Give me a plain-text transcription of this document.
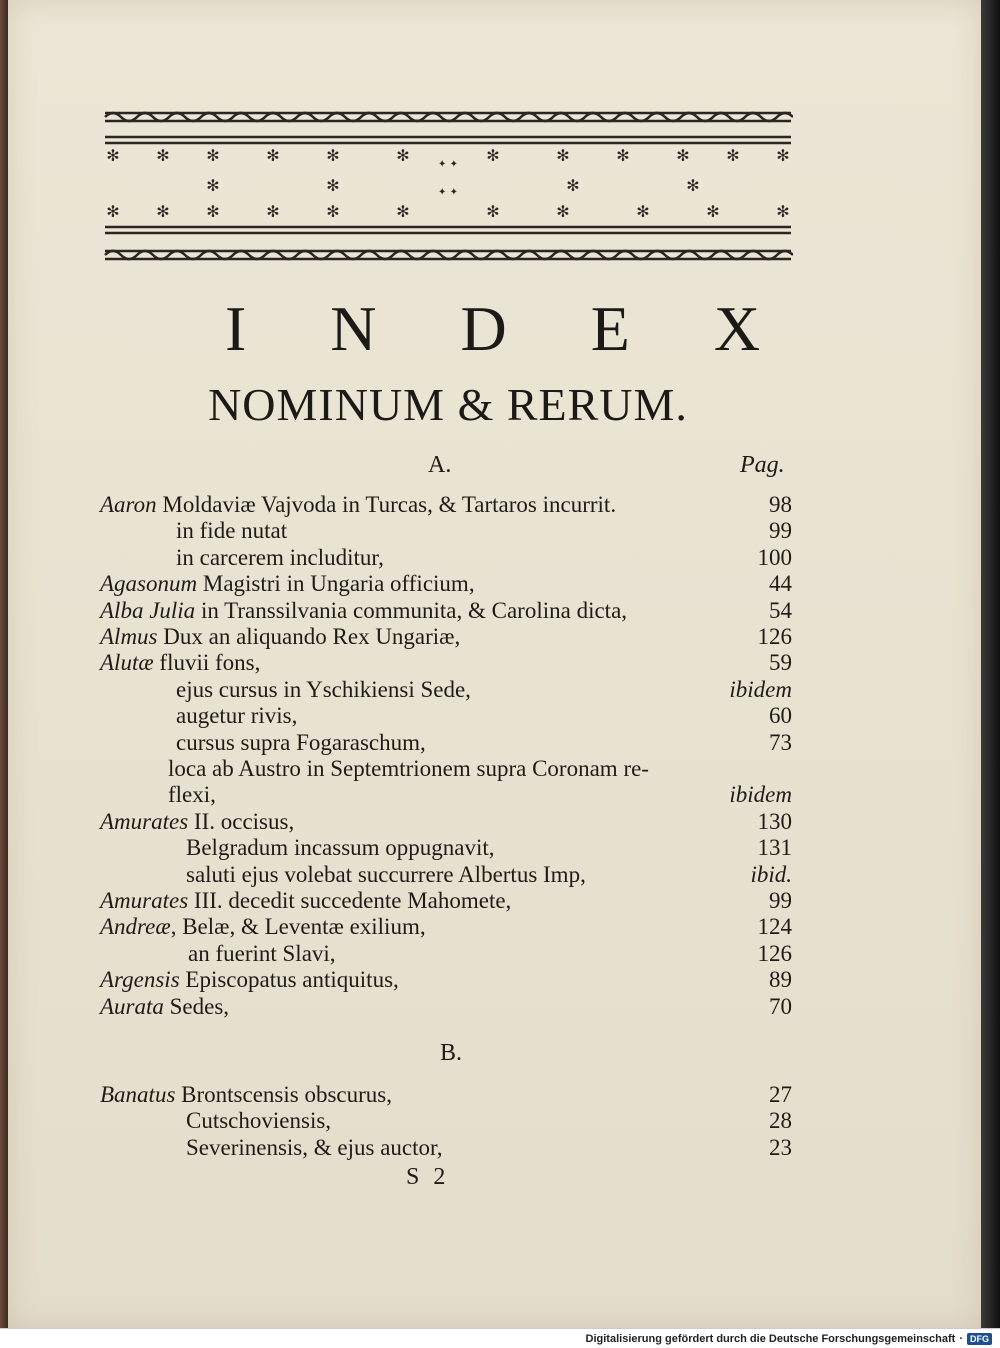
✻ ✻ ✻	✻	✻	✻	✻	✻	✻	✻ ✻ ✻
✻ ✻ ✻	✻	✻	✻	✻	✻	✻	✻	✻
✻	✻	✻	✻
✦ ✦
✦ ✦
I N D E X
NOMINUM & RERUM.
A.	Pag.
Aaron Moldaviæ Vajvoda in Turcas, & Tartaros incurrit.	98
in fide nutat	99
in carcerem includitur,	100
Agasonum Magistri in Ungaria officium,	44
Alba Julia in Transsilvania communita, & Carolina dicta,	54
Almus Dux an aliquando Rex Ungariæ,	126
Alutæ fluvii fons,	59
ejus cursus in Yschikiensi Sede,	ibidem
augetur rivis,	60
cursus supra Fogaraschum,	73
loca ab Austro in Septemtrionem supra Coronam re-
flexi,	ibidem
Amurates II. occisus,	130
Belgradum incassum oppugnavit,	131
saluti ejus volebat succurrere Albertus Imp,	ibid.
Amurates III. decedit succedente Mahomete,	99
Andreæ, Belæ, & Leventæ exilium,	124
an fuerint Slavi,	126
Argensis Episcopatus antiquitus,	89
Aurata Sedes,	70
B.
Banatus Brontscensis obscurus,	27
Cutschoviensis,	28
Severinensis, & ejus auctor,	23
S 2
Digitalisierung gefördert durch die Deutsche Forschungsgemeinschaft · DFG
